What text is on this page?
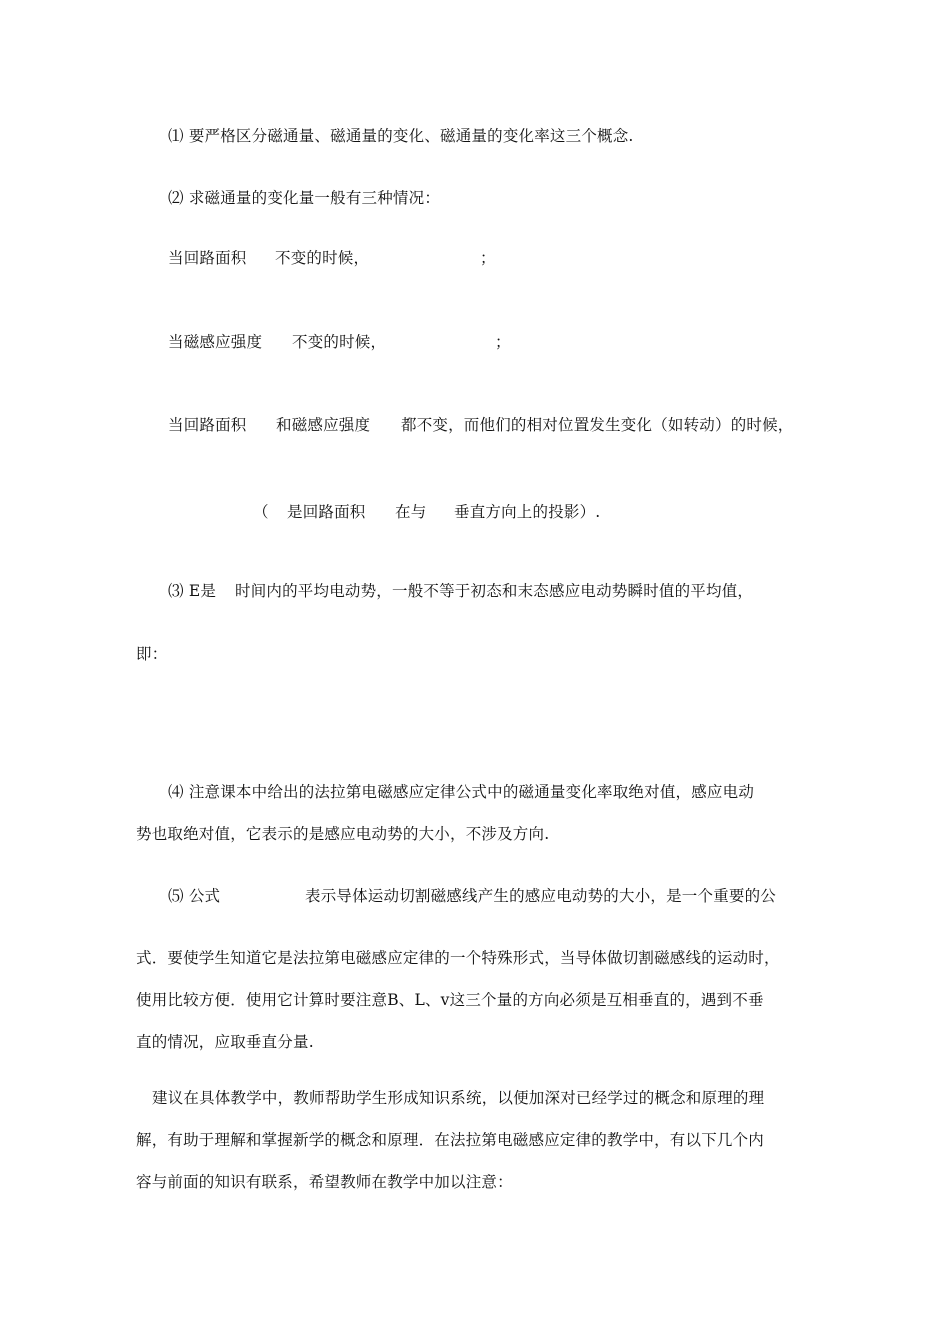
⑴ 要严格区分磁通量、磁通量的变化、磁通量的变化率这三个概念.
⑵ 求磁通量的变化量一般有三种情况：
当回路面积 不变的时候，	；
当磁感应强度 不变的时候，	；
当回路面积 和磁感应强度 都不变，而他们的相对位置发生变化（如转动）的时候，
（ 是回路面积 在与 垂直方向上的投影）.
⑶ E是 时间内的平均电动势，一般不等于初态和末态感应电动势瞬时值的平均值，
即：
⑷ 注意课本中给出的法拉第电磁感应定律公式中的磁通量变化率取绝对值，感应电动
势也取绝对值，它表示的是感应电动势的大小，不涉及方向.
⑸ 公式	表示导体运动切割磁感线产生的感应电动势的大小，是一个重要的公
式．要使学生知道它是法拉第电磁感应定律的一个特殊形式，当导体做切割磁感线的运动时，
使用比较方便．使用它计算时要注意B、L、v这三个量的方向必须是互相垂直的，遇到不垂
直的情况，应取垂直分量.
建议在具体教学中，教师帮助学生形成知识系统，以便加深对已经学过的概念和原理的理
解，有助于理解和掌握新学的概念和原理．在法拉第电磁感应定律的教学中，有以下几个内
容与前面的知识有联系，希望教师在教学中加以注意：
